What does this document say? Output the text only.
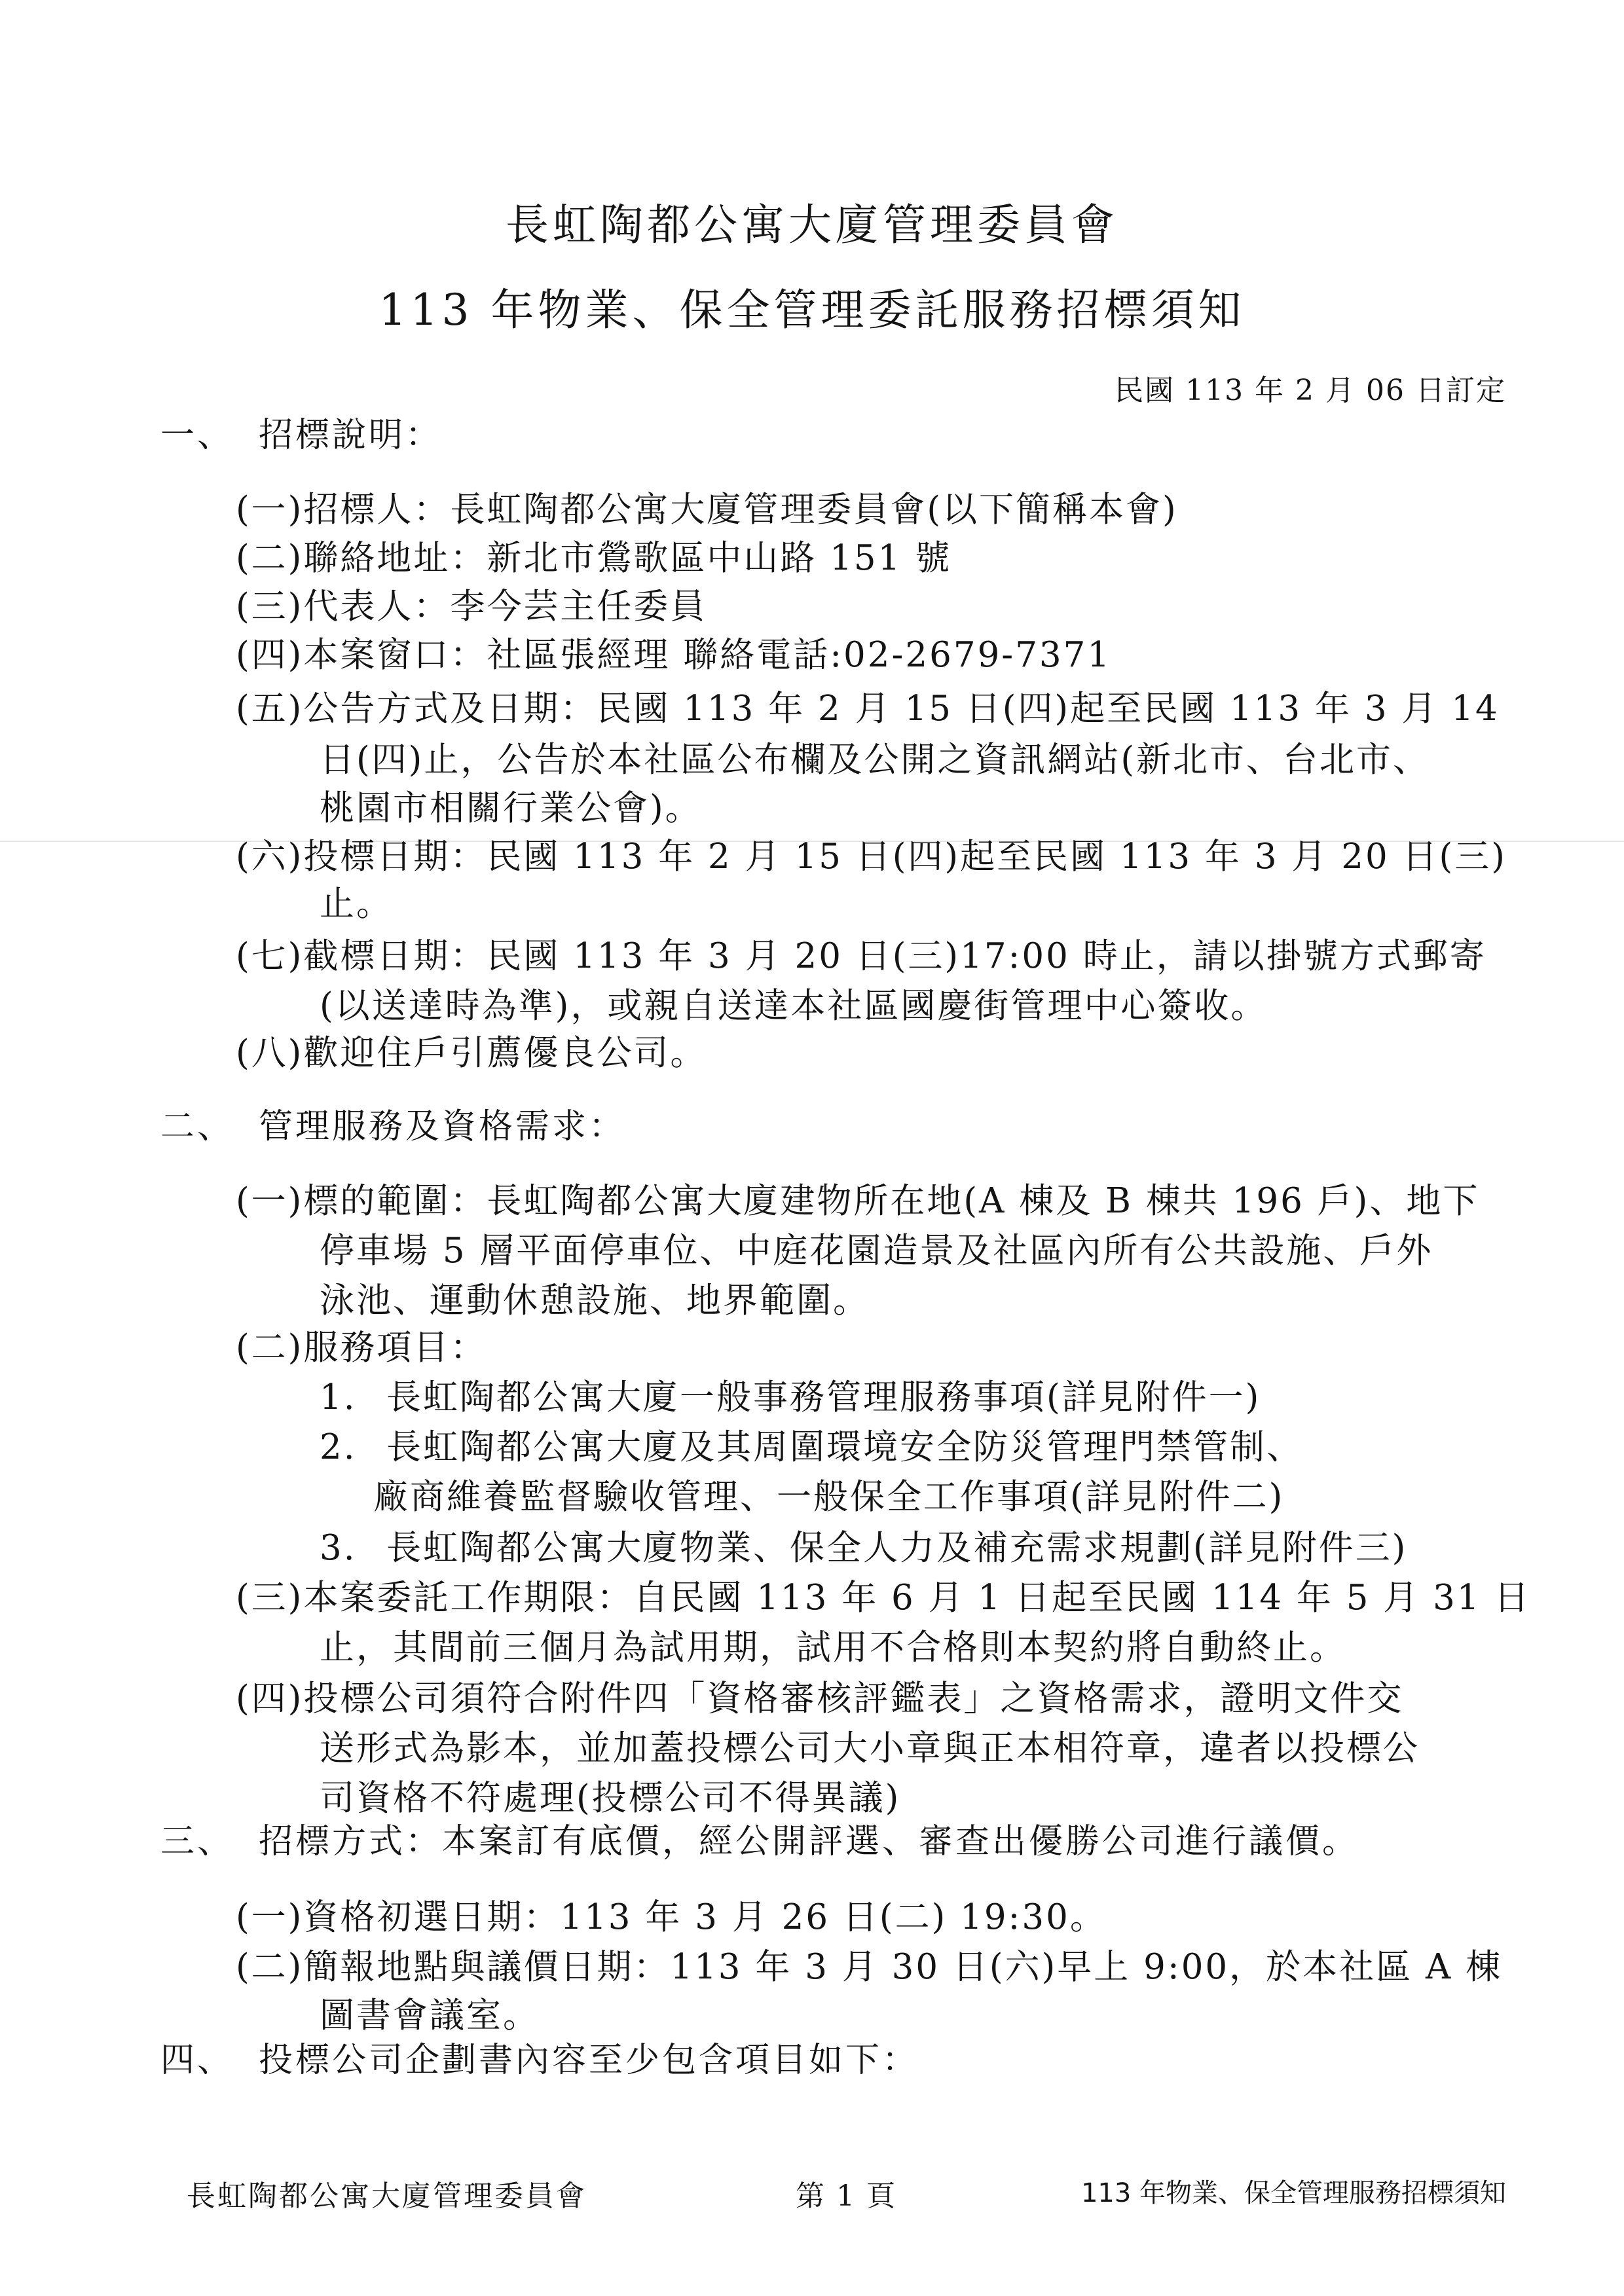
長虹陶都公寓大廈管理委員會
113 年物業、保全管理委託服務招標須知
民國 113 年 2 月 06 日訂定
一、 招標說明：
(一)招標人：長虹陶都公寓大廈管理委員會(以下簡稱本會)
(二)聯絡地址：新北市鶯歌區中山路 151 號
(三)代表人：李今芸主任委員
(四)本案窗口：社區張經理 聯絡電話:02-2679-7371
(五)公告方式及日期：民國 113 年 2 月 15 日(四)起至民國 113 年 3 月 14
日(四)止，公告於本社區公布欄及公開之資訊網站(新北市、台北市、
桃園市相關行業公會)。
(六)投標日期：民國 113 年 2 月 15 日(四)起至民國 113 年 3 月 20 日(三)
止。
(七)截標日期：民國 113 年 3 月 20 日(三)17:00 時止，請以掛號方式郵寄
(以送達時為準)，或親自送達本社區國慶街管理中心簽收。
(八)歡迎住戶引薦優良公司。
二、 管理服務及資格需求：
(一)標的範圍：長虹陶都公寓大廈建物所在地(A 棟及 B 棟共 196 戶)、地下
停車場 5 層平面停車位、中庭花園造景及社區內所有公共設施、戶外
泳池、運動休憩設施、地界範圍。
(二)服務項目：
1. 長虹陶都公寓大廈一般事務管理服務事項(詳見附件一)
2. 長虹陶都公寓大廈及其周圍環境安全防災管理門禁管制、
廠商維養監督驗收管理、一般保全工作事項(詳見附件二)
3. 長虹陶都公寓大廈物業、保全人力及補充需求規劃(詳見附件三)
(三)本案委託工作期限：自民國 113 年 6 月 1 日起至民國 114 年 5 月 31 日
止，其間前三個月為試用期，試用不合格則本契約將自動終止。
(四)投標公司須符合附件四「資格審核評鑑表」之資格需求，證明文件交
送形式為影本，並加蓋投標公司大小章與正本相符章，違者以投標公
司資格不符處理(投標公司不得異議)
三、 招標方式：本案訂有底價，經公開評選、審查出優勝公司進行議價。
(一)資格初選日期：113 年 3 月 26 日(二) 19:30。
(二)簡報地點與議價日期：113 年 3 月 30 日(六)早上 9:00，於本社區 A 棟
圖書會議室。
四、 投標公司企劃書內容至少包含項目如下：
長虹陶都公寓大廈管理委員會	第 1 頁	113 年物業、保全管理服務招標須知
